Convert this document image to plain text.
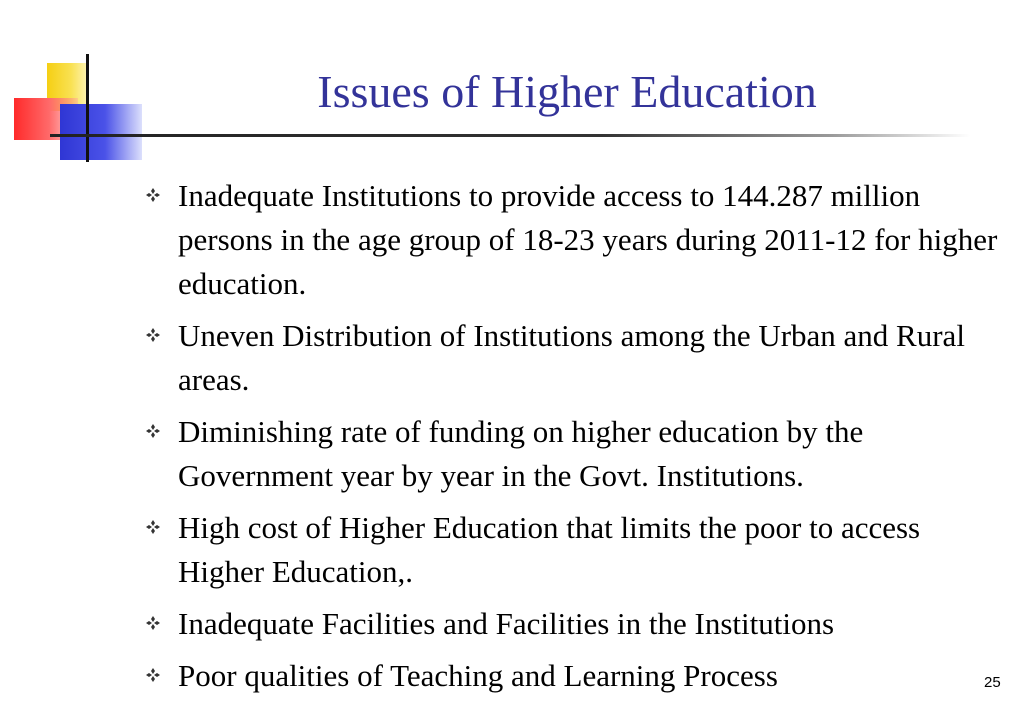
Issues of Higher Education
Inadequate Institutions to provide access to 144.287 million persons in the age group of 18-23 years during 2011-12 for higher education.
Uneven Distribution of Institutions among the Urban and Rural areas.
Diminishing rate of funding on higher education by the Government year by year in the Govt. Institutions.
High cost of Higher Education that limits the poor to access Higher Education,.
Inadequate Facilities and Facilities in the Institutions
Poor qualities of Teaching and Learning Process	25
